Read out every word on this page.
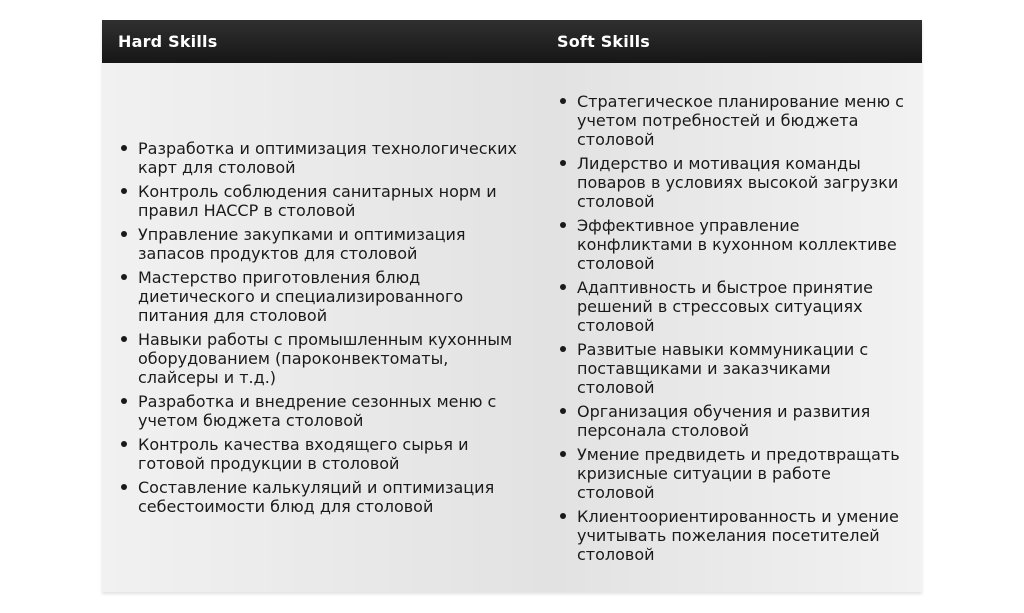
Hard Skills	Soft Skills
Разработка и оптимизация технологических карт для столовой
Контроль соблюдения санитарных норм и правил HACCP в столовой
Управление закупками и оптимизация запасов продуктов для столовой
Мастерство приготовления блюд диетического и специализированного питания для столовой
Навыки работы с промышленным кухонным оборудованием (пароконвектоматы, слайсеры и т.д.)
Разработка и внедрение сезонных меню с учетом бюджета столовой
Контроль качества входящего сырья и готовой продукции в столовой
Составление калькуляций и оптимизация себестоимости блюд для столовой
Стратегическое планирование меню с учетом потребностей и бюджета столовой
Лидерство и мотивация команды поваров в условиях высокой загрузки столовой
Эффективное управление конфликтами в кухонном коллективе столовой
Адаптивность и быстрое принятие решений в стрессовых ситуациях столовой
Развитые навыки коммуникации с поставщиками и заказчиками столовой
Организация обучения и развития персонала столовой
Умение предвидеть и предотвращать кризисные ситуации в работе столовой
Клиентоориентированность и умение учитывать пожелания посетителей столовой
